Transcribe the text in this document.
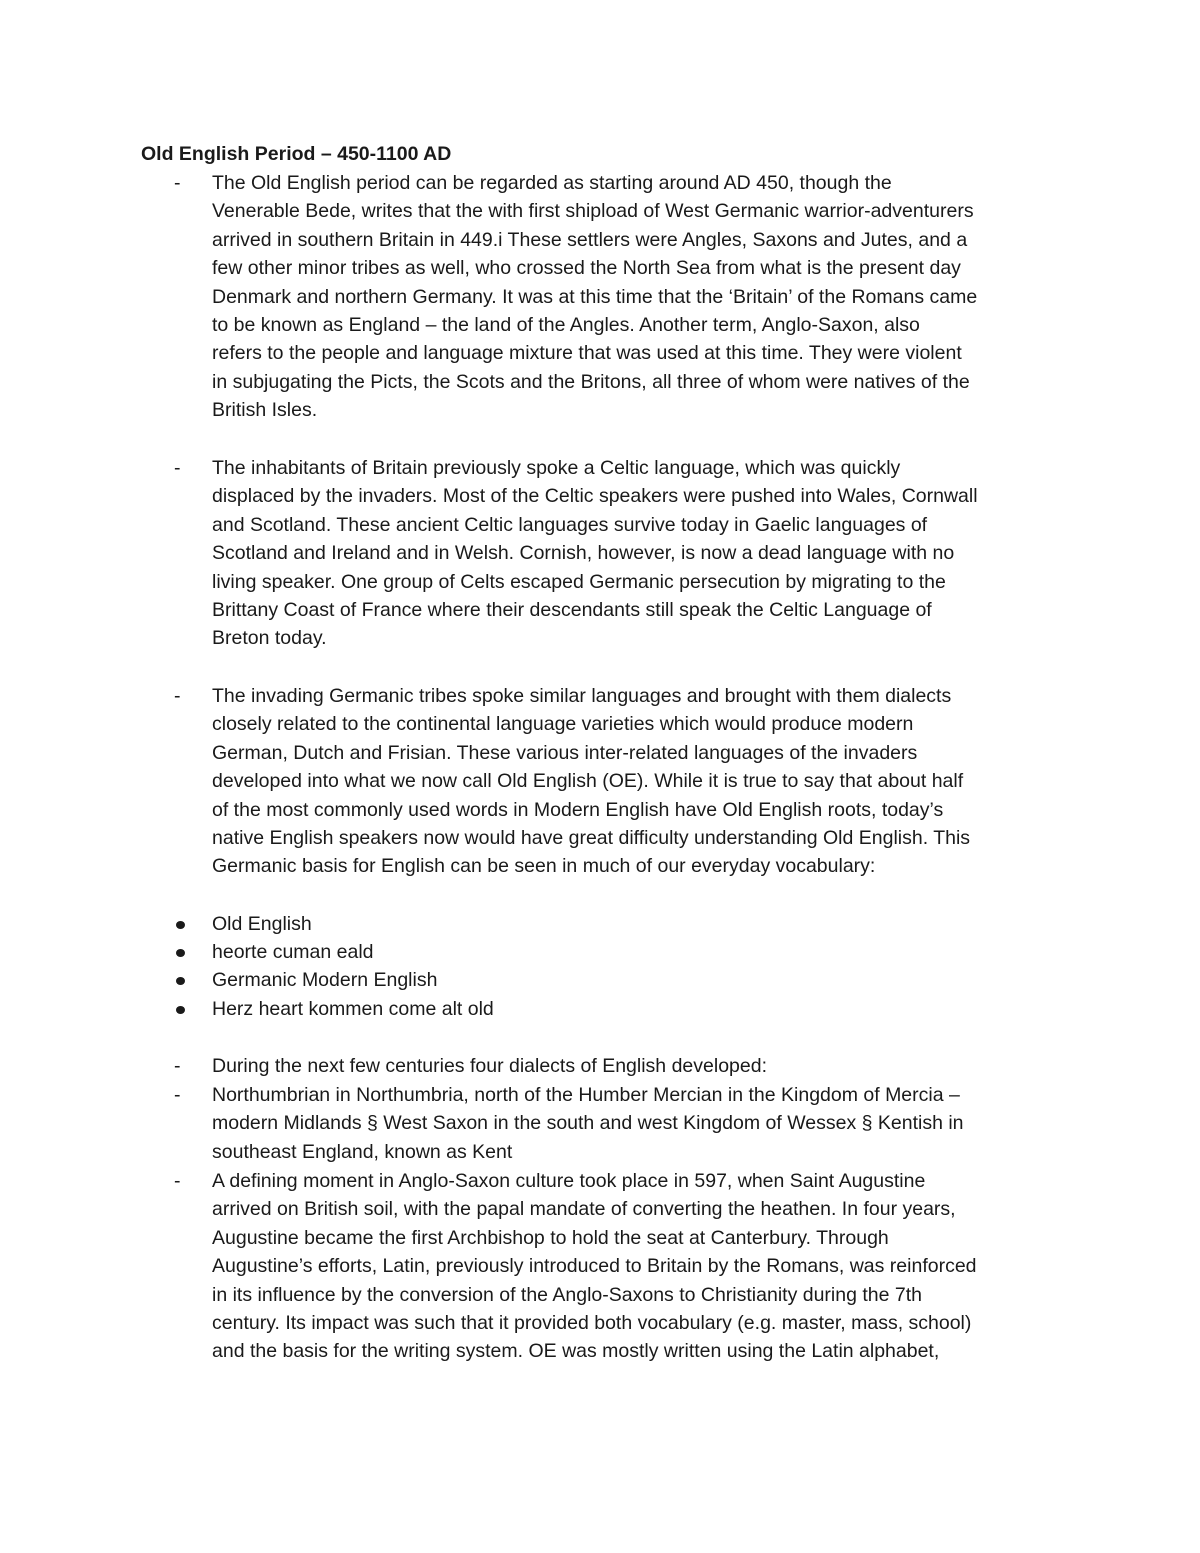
Old English Period – 450-1100 AD
-	The Old English period can be regarded as starting around AD 450, though the
Venerable Bede, writes that the with first shipload of West Germanic warrior-adventurers
arrived in southern Britain in 449.i These settlers were Angles, Saxons and Jutes, and a
few other minor tribes as well, who crossed the North Sea from what is the present day
Denmark and northern Germany. It was at this time that the ‘Britain’ of the Romans came
to be known as England – the land of the Angles. Another term, Anglo-Saxon, also
refers to the people and language mixture that was used at this time. They were violent
in subjugating the Picts, the Scots and the Britons, all three of whom were natives of the
British Isles.
-	The inhabitants of Britain previously spoke a Celtic language, which was quickly
displaced by the invaders. Most of the Celtic speakers were pushed into Wales, Cornwall
and Scotland. These ancient Celtic languages survive today in Gaelic languages of
Scotland and Ireland and in Welsh. Cornish, however, is now a dead language with no
living speaker. One group of Celts escaped Germanic persecution by migrating to the
Brittany Coast of France where their descendants still speak the Celtic Language of
Breton today.
-	The invading Germanic tribes spoke similar languages and brought with them dialects
closely related to the continental language varieties which would produce modern
German, Dutch and Frisian. These various inter-related languages of the invaders
developed into what we now call Old English (OE). While it is true to say that about half
of the most commonly used words in Modern English have Old English roots, today’s
native English speakers now would have great difficulty understanding Old English. This
Germanic basis for English can be seen in much of our everyday vocabulary:
Old English
heorte cuman eald
Germanic Modern English
Herz heart kommen come alt old
-	During the next few centuries four dialects of English developed:
-	Northumbrian in Northumbria, north of the Humber Mercian in the Kingdom of Mercia –
modern Midlands § West Saxon in the south and west Kingdom of Wessex § Kentish in
southeast England, known as Kent
-	A defining moment in Anglo-Saxon culture took place in 597, when Saint Augustine
arrived on British soil, with the papal mandate of converting the heathen. In four years,
Augustine became the first Archbishop to hold the seat at Canterbury. Through
Augustine’s efforts, Latin, previously introduced to Britain by the Romans, was reinforced
in its influence by the conversion of the Anglo-Saxons to Christianity during the 7th
century. Its impact was such that it provided both vocabulary (e.g. master, mass, school)
and the basis for the writing system. OE was mostly written using the Latin alphabet,
